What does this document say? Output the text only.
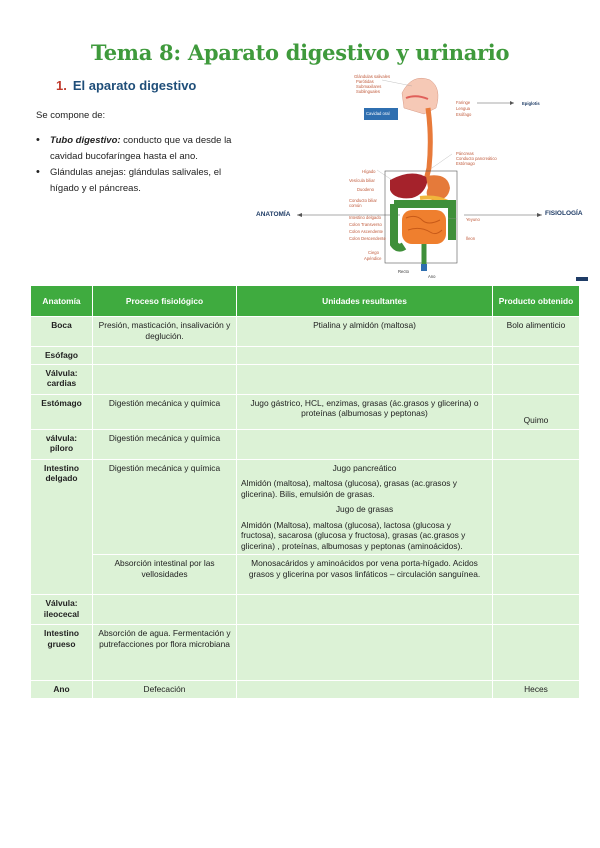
Tema 8: Aparato digestivo y urinario
1. El aparato digestivo
Se compone de:
• Tubo digestivo: conducto que va desde la cavidad bucofaríngea hasta el ano.
• Glándulas anejas: glándulas salivales, el hígado y el páncreas.
ANATOMÍA	FISIOLOGÍA
Glándulas salivales
Parótidas
Submaxilares
Sublinguales
Cavidad oral
Hígado
Vesícula biliar
Duodeno
Conducto biliar común
Intestino delgado
Colon Transverso
Colon Ascendente
Colon Descendente
Ciego
Apéndice
Recto
Ano
Faringe
Lengua
Esófago
Epiglotis
Páncreas
Conducto pancreático
Estómago
Yeyuno
Íleon
Anatomía	Proceso fisiológico	Unidades resultantes	Producto obtenido
Boca	Presión, masticación, insalivación y deglución.	Ptialina y almidón (maltosa)	Bolo alimenticio
Esófago			
Válvula: cardias			
Estómago	Digestión mecánica y química	Jugo gástrico, HCL, enzimas, grasas (ác.grasos y glicerina) o proteínas (albumosas y peptonas)	Quimo
válvula: píloro	Digestión mecánica y química		
Intestino delgado	Digestión mecánica y química	Jugo pancreático
Almidón (maltosa), maltosa (glucosa), grasas (ac.grasos y glicerina). Bilis, emulsión de grasas.
Jugo de grasas
Almidón (Maltosa), maltosa (glucosa), lactosa (glucosa y fructosa), sacarosa (glucosa y fructosa), grasas (ac.grasos y glicerina) , proteínas, albumosas y peptonas (aminoácidos).	

	Absorción intestinal por las vellosidades	Monosacáridos y aminoácidos por vena porta-hígado. Acidos grasos y glicerina por vasos linfáticos – circulación sanguínea.	
Válvula: ileocecal			
Intestino grueso	Absorción de agua. Fermentación y putrefacciones por flora microbiana		
Ano	Defecación		Heces
